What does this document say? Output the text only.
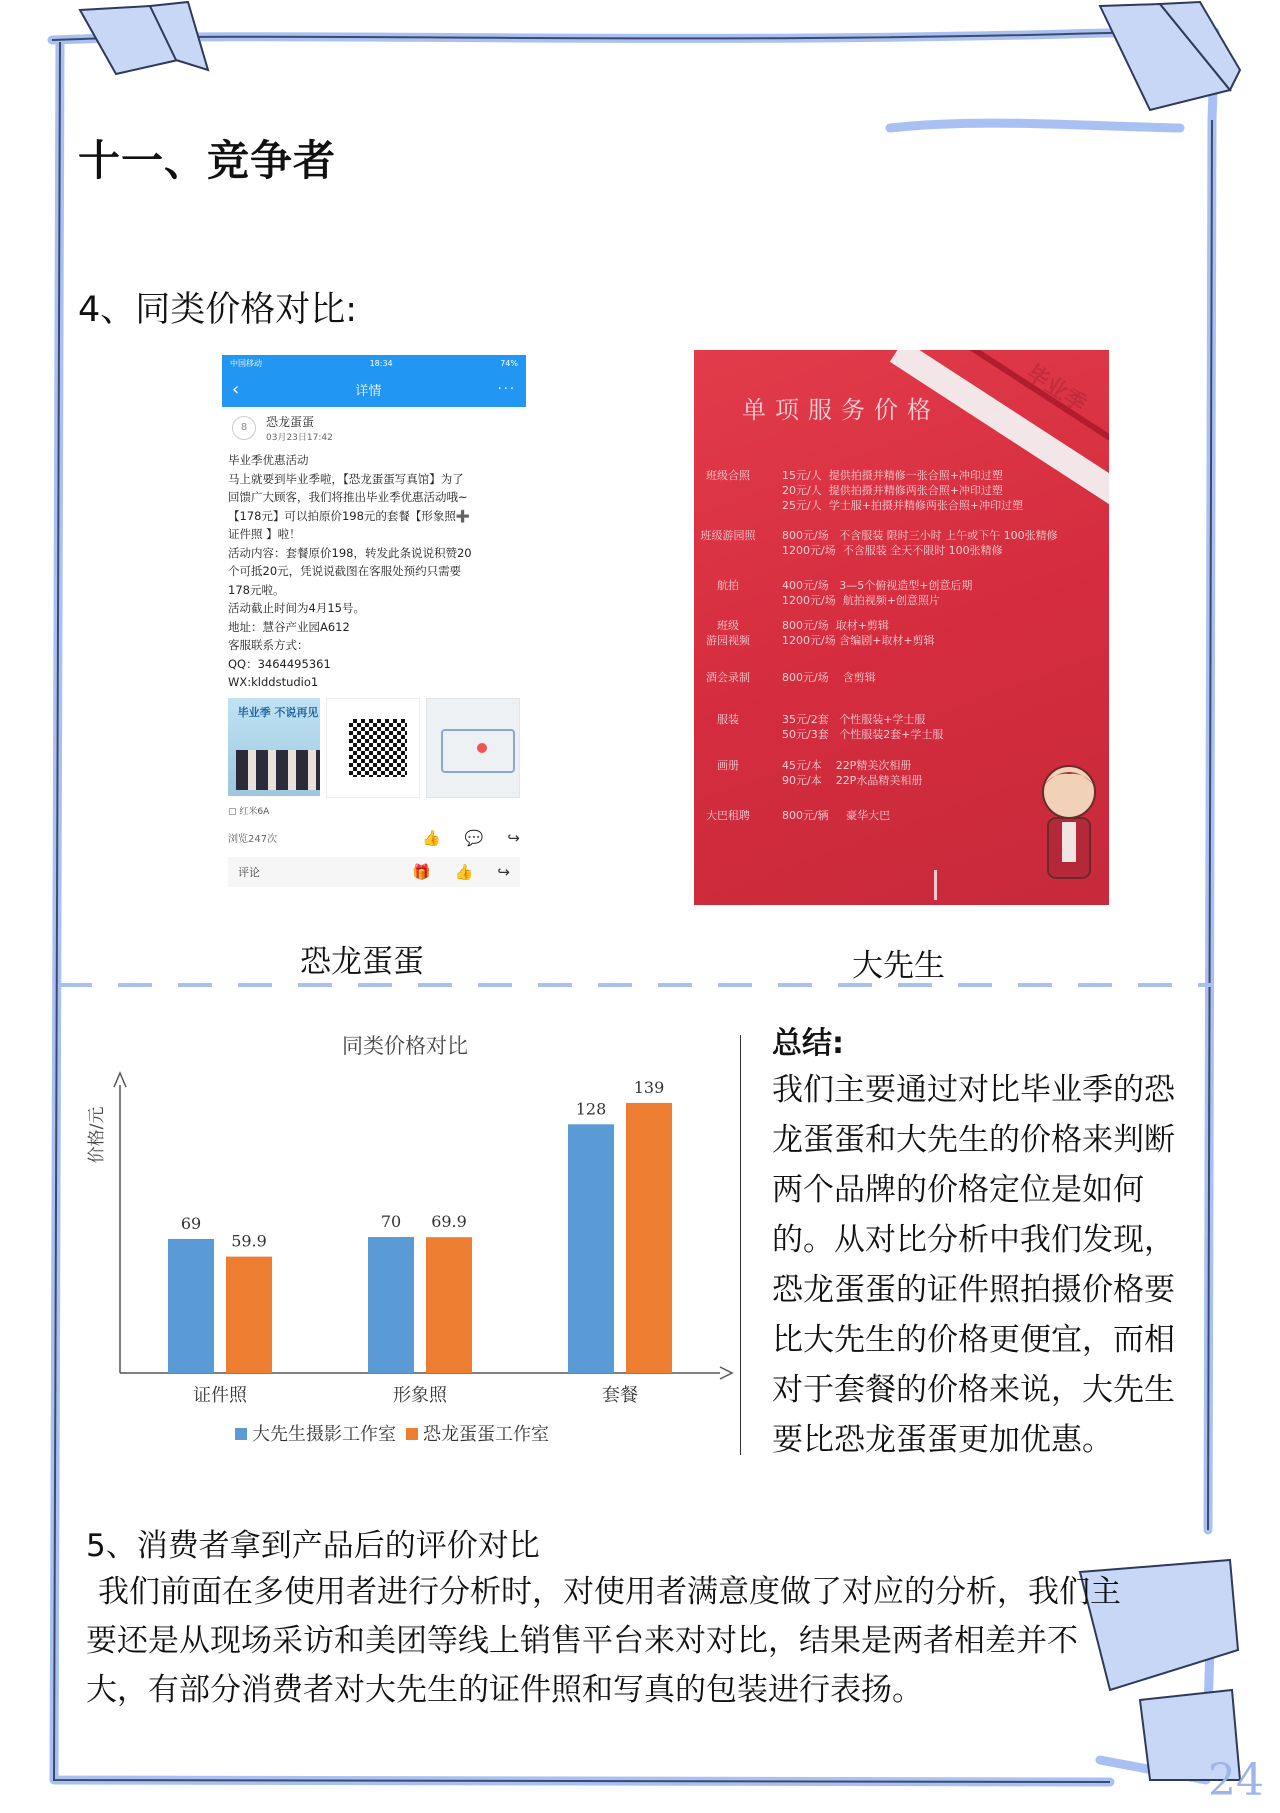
十一、竞争者
4、同类价格对比:
中国移动	18:34	74%
‹	详情	···
8	恐龙蛋蛋
03月23日17:42
毕业季优惠活动
马上就要到毕业季啦，【恐龙蛋蛋写真馆】为了
回馈广大顾客，我们将推出毕业季优惠活动哦~
【178元】可以拍原价198元的套餐【形象照➕
证件照 】啦！
活动内容：套餐原价198，转发此条说说积赞20
个可抵20元，凭说说截图在客服处预约只需要
178元啦。
活动截止时间为4月15号。
地址：慧谷产业园A612
客服联系方式：
QQ：3464495361
WX:klddstudio1
毕业季 不说再见
▢ 红米6A
浏览247次	👍 💬 ↪
评论	🎁 👍 ↪
毕业季
单项服务价格
班级合照	15元/人  提供拍摄并精修一张合照+冲印过塑
20元/人  提供拍摄并精修两张合照+冲印过塑
25元/人  学士服+拍摄并精修两张合照+冲印过塑
班级游园照	800元/场   不含服装 限时三小时 上午或下午 100张精修
1200元/场  不含服装 全天不限时 100张精修
航拍	400元/场   3—5个俯视造型+创意后期
1200元/场  航拍视频+创意照片
班级
游园视频
800元/场  取材+剪辑
1200元/场 含编剧+取材+剪辑
酒会录制	800元/场    含剪辑
服装	35元/2套   个性服装+学士服
50元/3套   个性服装2套+学士服
画册	45元/本    22P精美次相册
90元/本    22P水晶精美相册
大巴租聘	800元/辆     豪华大巴
恐龙蛋蛋	大先生
同类价格对比
价格/元
69
59.9
证件照
70 69.9
形象照
128
139
套餐
大先生摄影工作室 恐龙蛋蛋工作室
总结:
我们主要通过对比毕业季的恐龙蛋蛋和大先生的价格来判断两个品牌的价格定位是如何的。从对比分析中我们发现，恐龙蛋蛋的证件照拍摄价格要比大先生的价格更便宜，而相对于套餐的价格来说，大先生要比恐龙蛋蛋更加优惠。
5、消费者拿到产品后的评价对比
我们前面在多使用者进行分析时，对使用者满意度做了对应的分析，我们主要还是从现场采访和美团等线上销售平台来对对比，结果是两者相差并不大，有部分消费者对大先生的证件照和写真的包装进行表扬。
24
